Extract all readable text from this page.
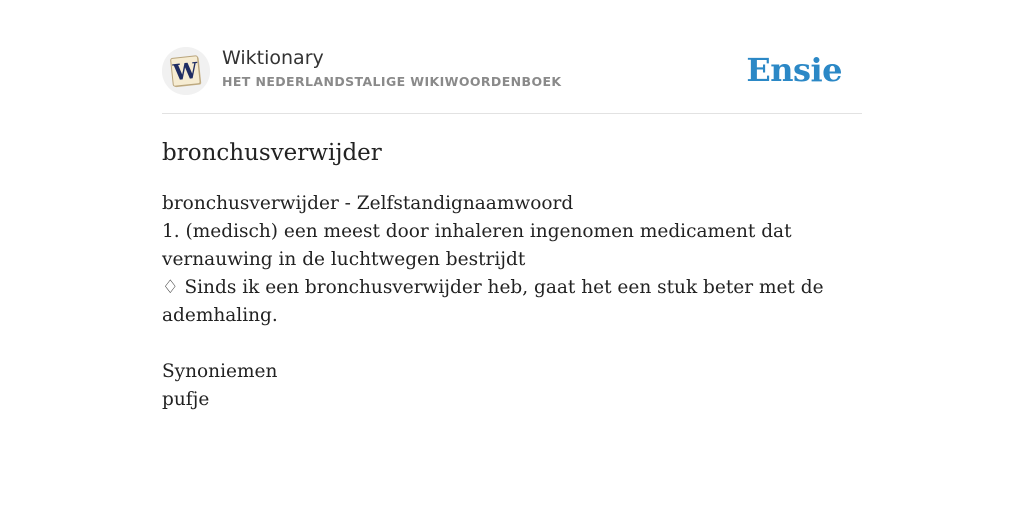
W Wiktionary
HET NEDERLANDSTALIGE WIKIWOORDENBOEK	Ensie
bronchusverwijder
bronchusverwijder - Zelfstandignaamwoord
1. (medisch) een meest door inhaleren ingenomen medicament dat vernauwing in de luchtwegen bestrijdt
♢ Sinds ik een bronchusverwijder heb, gaat het een stuk beter met de ademhaling.
Synoniemen
pufje
